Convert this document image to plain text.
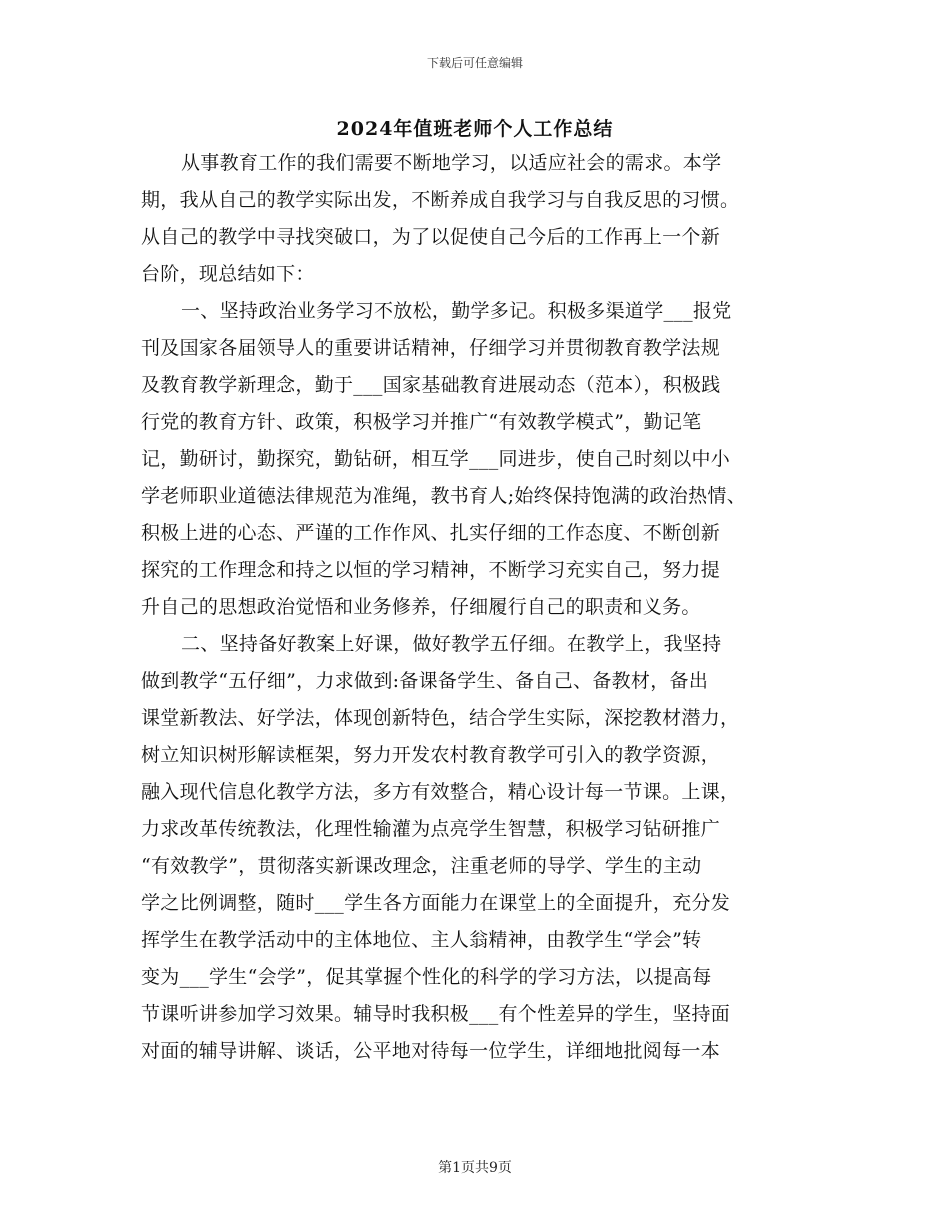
下载后可任意编辑
2024年值班老师个人工作总结
从事教育工作的我们需要不断地学习，以适应社会的需求。本学
期，我从自己的教学实际出发，不断养成自我学习与自我反思的习惯。
从自己的教学中寻找突破口，为了以促使自己今后的工作再上一个新
台阶，现总结如下：
一、坚持政治业务学习不放松，勤学多记。积极多渠道学___报党
刊及国家各届领导人的重要讲话精神，仔细学习并贯彻教育教学法规
及教育教学新理念，勤于___国家基础教育进展动态（范本），积极践
行党的教育方针、政策，积极学习并推广“有效教学模式”，勤记笔
记，勤研讨，勤探究，勤钻研，相互学___同进步，使自己时刻以中小
学老师职业道德法律规范为准绳，教书育人;始终保持饱满的政治热情、
积极上进的心态、严谨的工作作风、扎实仔细的工作态度、不断创新
探究的工作理念和持之以恒的学习精神，不断学习充实自己，努力提
升自己的思想政治觉悟和业务修养，仔细履行自己的职责和义务。
二、坚持备好教案上好课，做好教学五仔细。在教学上，我坚持
做到教学“五仔细”，力求做到:备课备学生、备自己、备教材，备出
课堂新教法、好学法，体现创新特色，结合学生实际，深挖教材潜力，
树立知识树形解读框架，努力开发农村教育教学可引入的教学资源，
融入现代信息化教学方法，多方有效整合，精心设计每一节课。上课，
力求改革传统教法，化理性输灌为点亮学生智慧，积极学习钻研推广
“有效教学”，贯彻落实新课改理念，注重老师的导学、学生的主动
学之比例调整，随时___学生各方面能力在课堂上的全面提升，充分发
挥学生在教学活动中的主体地位、主人翁精神，由教学生“学会”转
变为___学生“会学”，促其掌握个性化的科学的学习方法，以提高每
节课听讲参加学习效果。辅导时我积极___有个性差异的学生，坚持面
对面的辅导讲解、谈话，公平地对待每一位学生，详细地批阅每一本
第1页共9页
